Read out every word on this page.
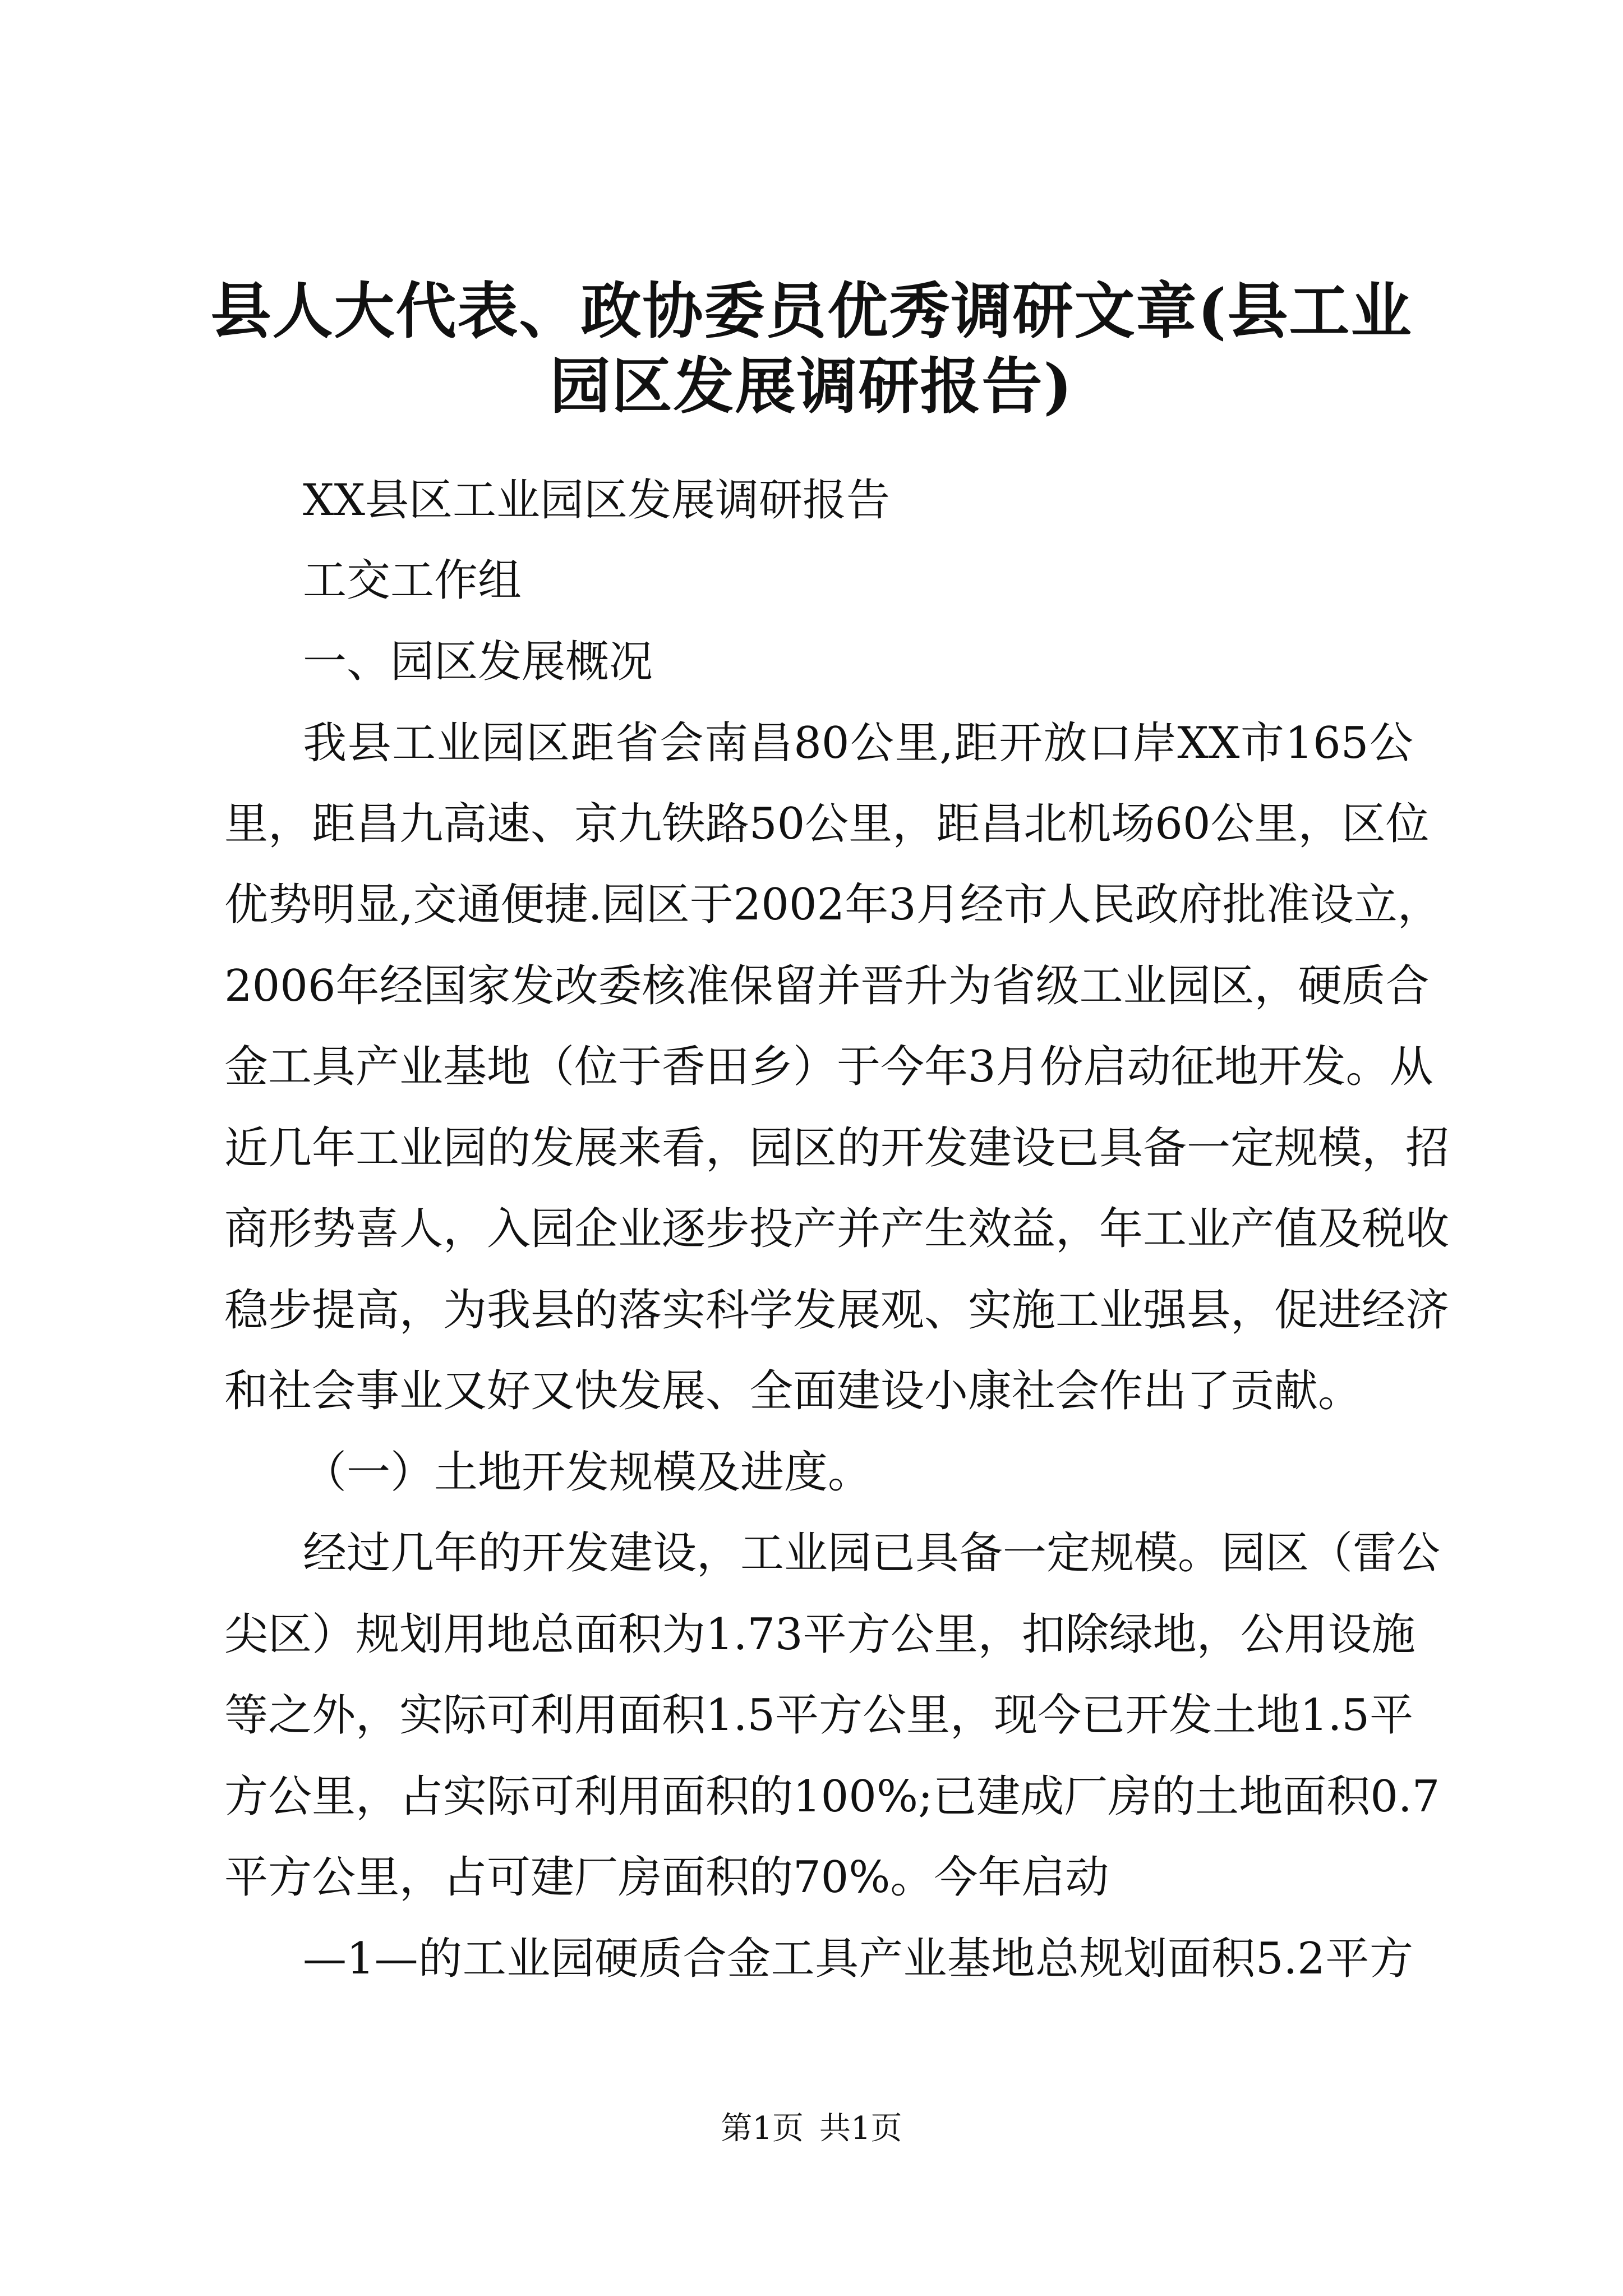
县人大代表、政协委员优秀调研文章(县工业
园区发展调研报告)

XX县区工业园区发展调研报告

工交工作组

一、园区发展概况

我县工业园区距省会南昌80公里,距开放口岸XX市165公

里，距昌九高速、京九铁路50公里，距昌北机场60公里，区位

优势明显,交通便捷.园区于2002年3月经市人民政府批准设立，

2006年经国家发改委核准保留并晋升为省级工业园区，硬质合

金工具产业基地（位于香田乡）于今年3月份启动征地开发。从

近几年工业园的发展来看，园区的开发建设已具备一定规模，招

商形势喜人，入园企业逐步投产并产生效益，年工业产值及税收

稳步提高，为我县的落实科学发展观、实施工业强县，促进经济

和社会事业又好又快发展、全面建设小康社会作出了贡献。

（一）土地开发规模及进度。

经过几年的开发建设，工业园已具备一定规模。园区（雷公

尖区）规划用地总面积为1.73平方公里，扣除绿地，公用设施

等之外，实际可利用面积1.5平方公里，现今已开发土地1.5平

方公里，占实际可利用面积的100%;已建成厂房的土地面积0.7

平方公里，占可建厂房面积的70%。今年启动

—1—的工业园硬质合金工具产业基地总规划面积5.2平方

第1页 共1页
